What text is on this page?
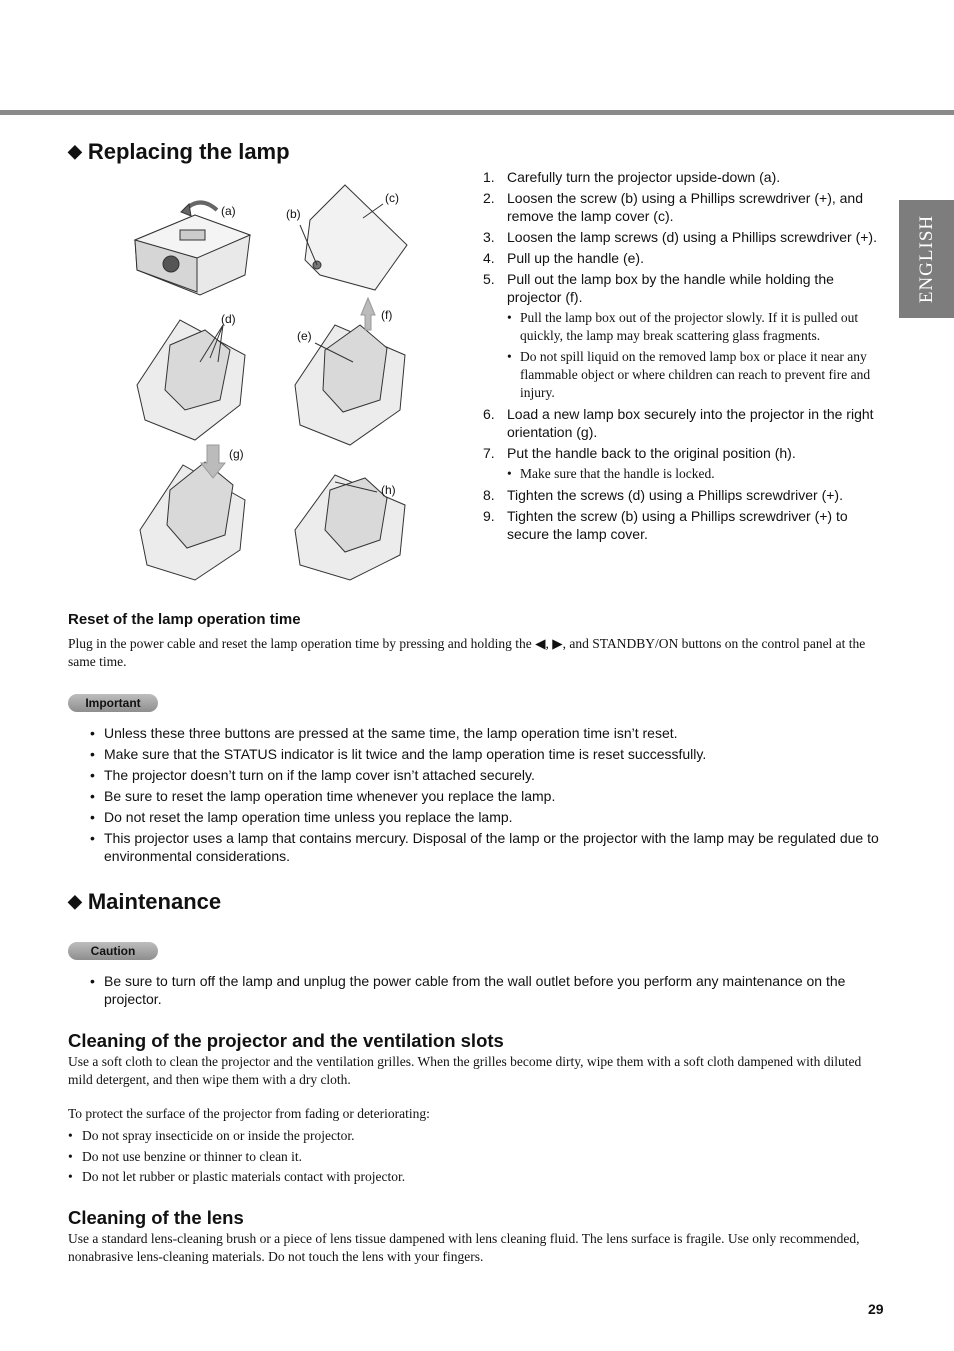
ENGLISH
◆ Replacing the lamp
(a)	(b)
(c)
(d)
(e)
(f)
(g)
(h)
1. Carefully turn the projector upside-down (a).
2. Loosen the screw (b) using a Phillips screwdriver (+), and remove the lamp cover (c).
3. Loosen the lamp screws (d) using a Phillips screwdriver (+).
4. Pull up the handle (e).
5. Pull out the lamp box by the handle while holding the projector (f).
• Pull the lamp box out of the projector slowly. If it is pulled out quickly, the lamp may break scattering glass fragments.
• Do not spill liquid on the removed lamp box or place it near any flammable object or where children can reach to prevent fire and injury.
6. Load a new lamp box securely into the projector in the right orientation (g).
7. Put the handle back to the original position (h).
• Make sure that the handle is locked.
8. Tighten the screws (d) using a Phillips screwdriver (+).
9. Tighten the screw (b) using a Phillips screwdriver (+) to secure the lamp cover.
Reset of the lamp operation time
Plug in the power cable and reset the lamp operation time by pressing and holding the ◀, ▶, and STANDBY/ON buttons on the control panel at the same time.
Important
• Unless these three buttons are pressed at the same time, the lamp operation time isn’t reset.
• Make sure that the STATUS indicator is lit twice and the lamp operation time is reset successfully.
• The projector doesn’t turn on if the lamp cover isn’t attached securely.
• Be sure to reset the lamp operation time whenever you replace the lamp.
• Do not reset the lamp operation time unless you replace the lamp.
• This projector uses a lamp that contains mercury. Disposal of the lamp or the projector with the lamp may be regulated due to environmental considerations.
◆ Maintenance
Caution
• Be sure to turn off the lamp and unplug the power cable from the wall outlet before you perform any maintenance on the projector.
Cleaning of the projector and the ventilation slots
Use a soft cloth to clean the projector and the ventilation grilles. When the grilles become dirty, wipe them with a soft cloth dampened with diluted mild detergent, and then wipe them with a dry cloth.
To protect the surface of the projector from fading or deteriorating:
• Do not spray insecticide on or inside the projector.
• Do not use benzine or thinner to clean it.
• Do not let rubber or plastic materials contact with projector.
Cleaning of the lens
Use a standard lens-cleaning brush or a piece of lens tissue dampened with lens cleaning fluid. The lens surface is fragile. Use only recommended, nonabrasive lens-cleaning materials. Do not touch the lens with your fingers.
29
